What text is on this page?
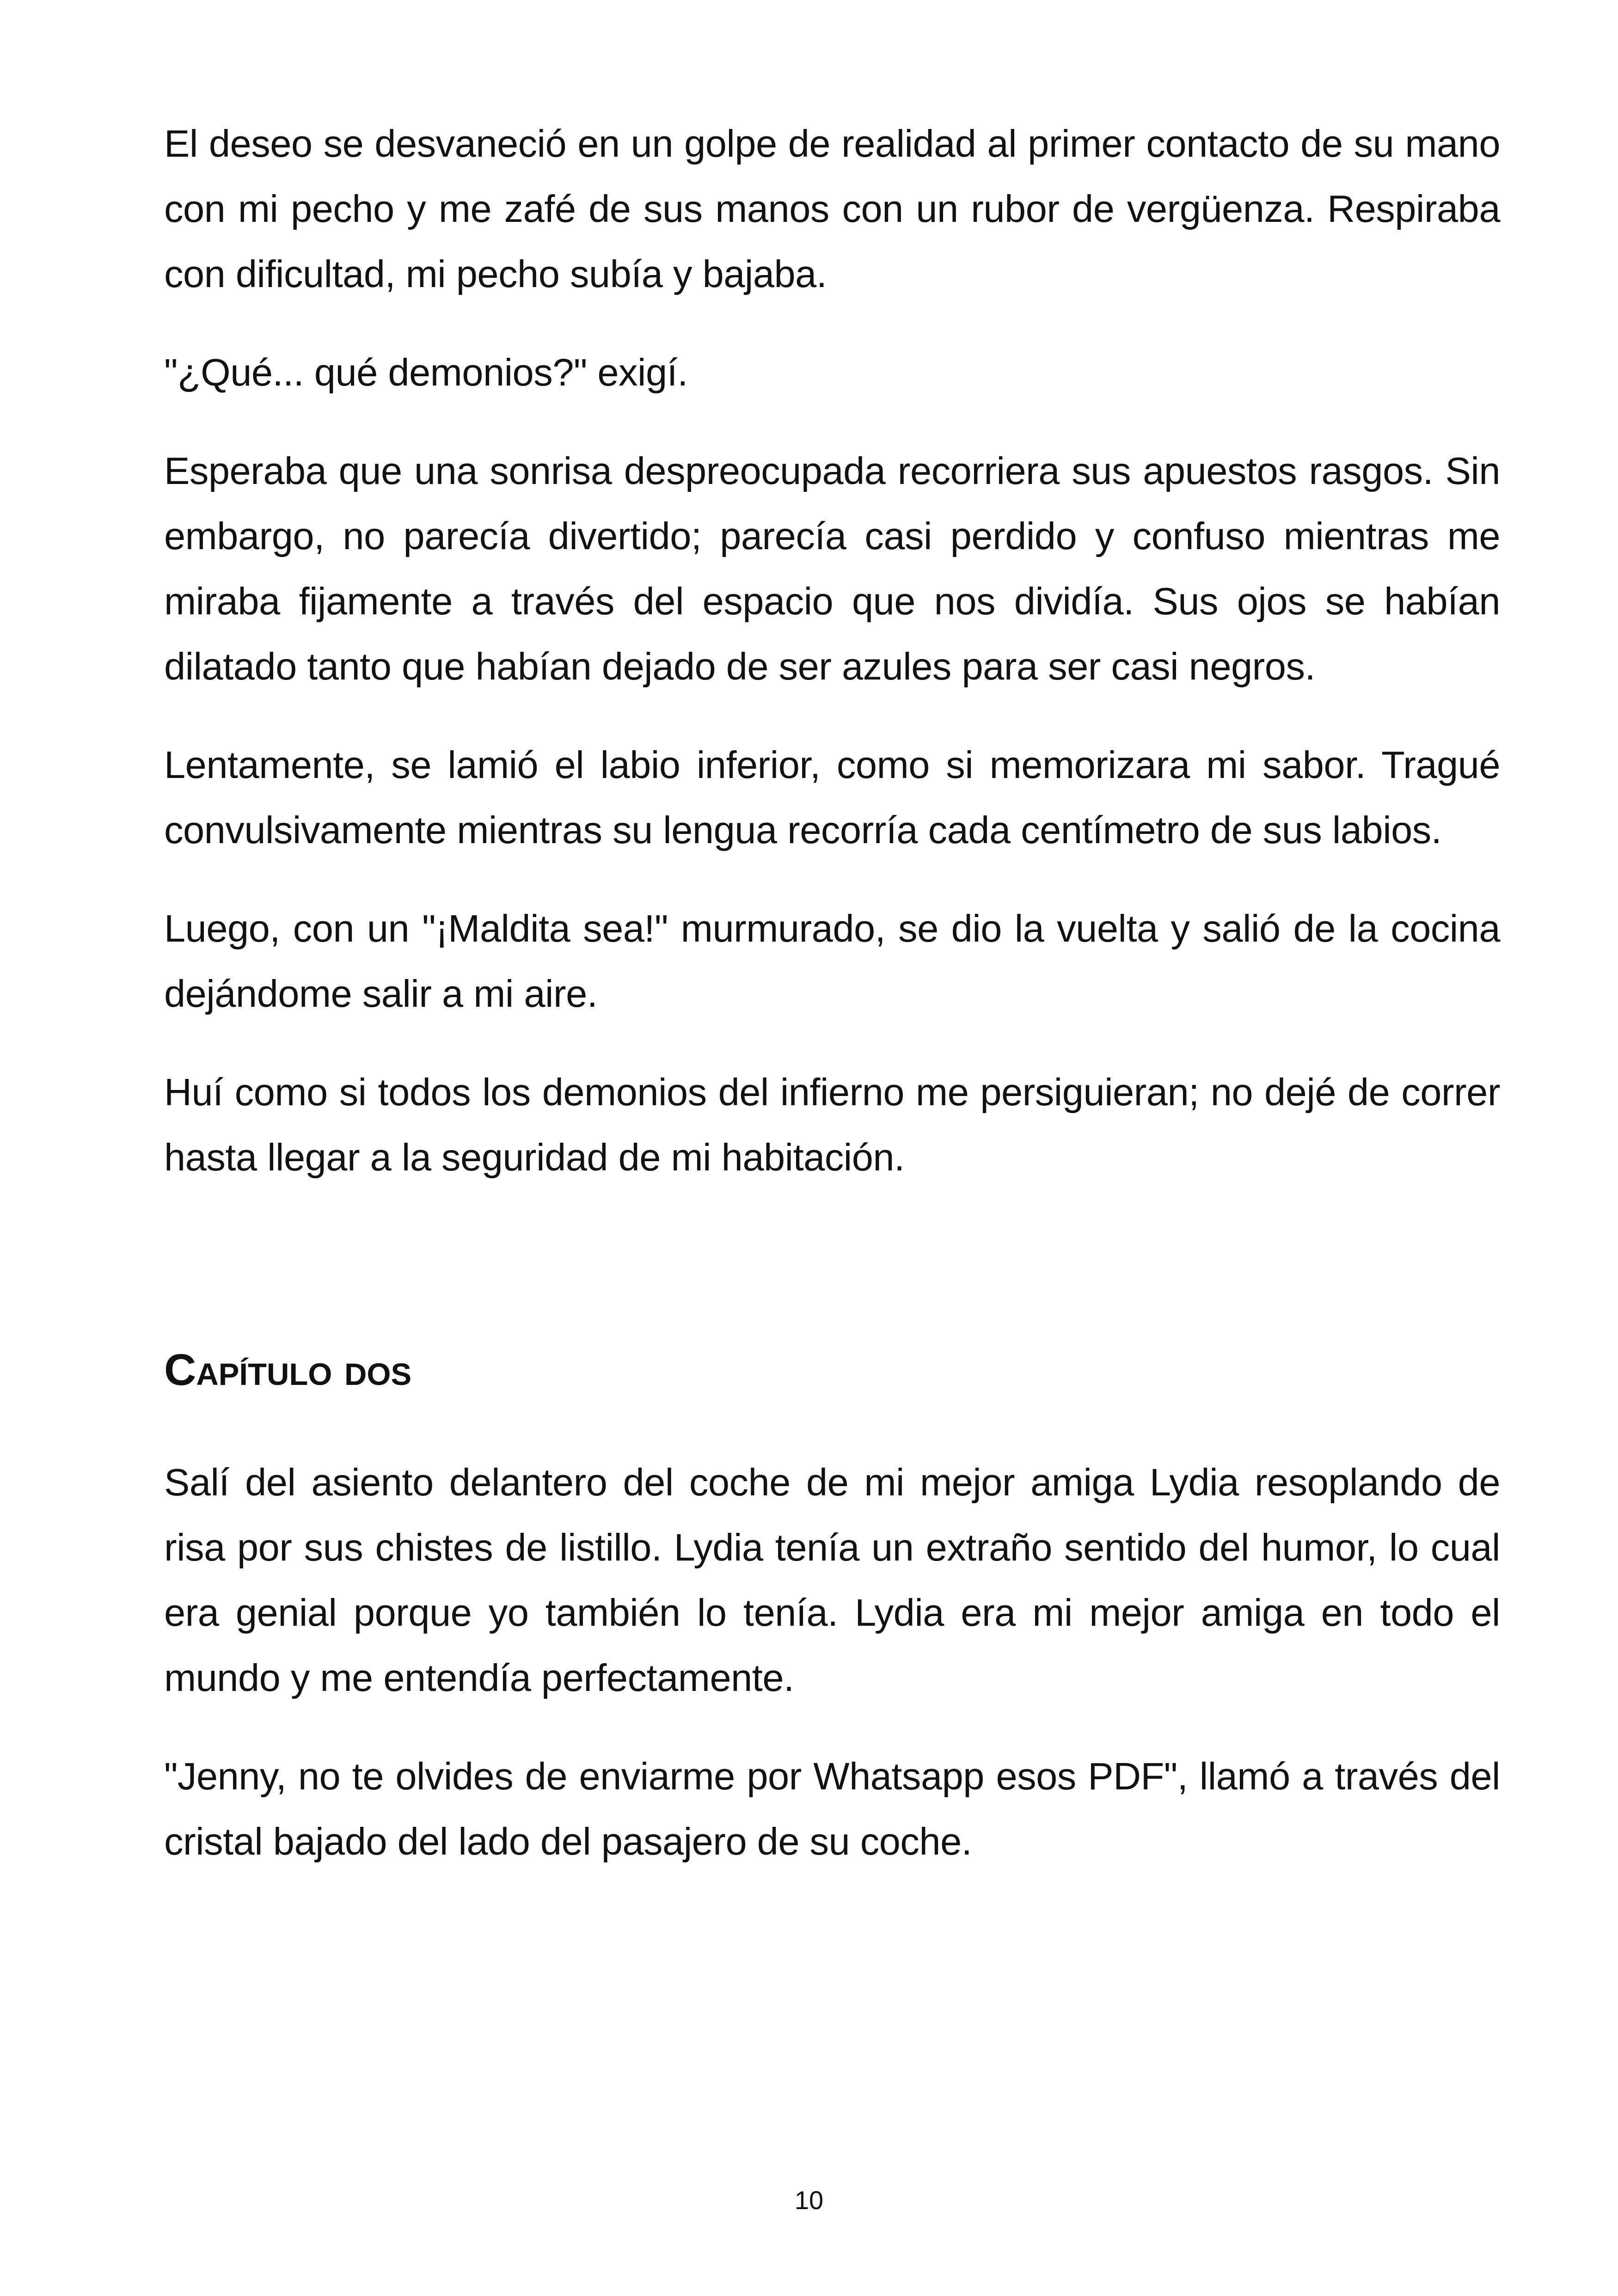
El deseo se desvaneció en un golpe de realidad al primer contacto de su mano con mi pecho y me zafé de sus manos con un rubor de vergüenza. Respiraba con dificultad, mi pecho subía y bajaba.

"¿Qué... qué demonios?" exigí.

Esperaba que una sonrisa despreocupada recorriera sus apuestos rasgos. Sin embargo, no parecía divertido; parecía casi perdido y confuso mientras me miraba fijamente a través del espacio que nos dividía. Sus ojos se habían dilatado tanto que habían dejado de ser azules para ser casi negros.

Lentamente, se lamió el labio inferior, como si memorizara mi sabor. Tragué convulsivamente mientras su lengua recorría cada centímetro de sus labios.

Luego, con un "¡Maldita sea!" murmurado, se dio la vuelta y salió de la cocina dejándome salir a mi aire.

Huí como si todos los demonios del infierno me persiguieran; no dejé de correr hasta llegar a la seguridad de mi habitación.

Capítulo dos

Salí del asiento delantero del coche de mi mejor amiga Lydia resoplando de risa por sus chistes de listillo. Lydia tenía un extraño sentido del humor, lo cual era genial porque yo también lo tenía. Lydia era mi mejor amiga en todo el mundo y me entendía perfectamente.

"Jenny, no te olvides de enviarme por Whatsapp esos PDF", llamó a través del cristal bajado del lado del pasajero de su coche.

10
